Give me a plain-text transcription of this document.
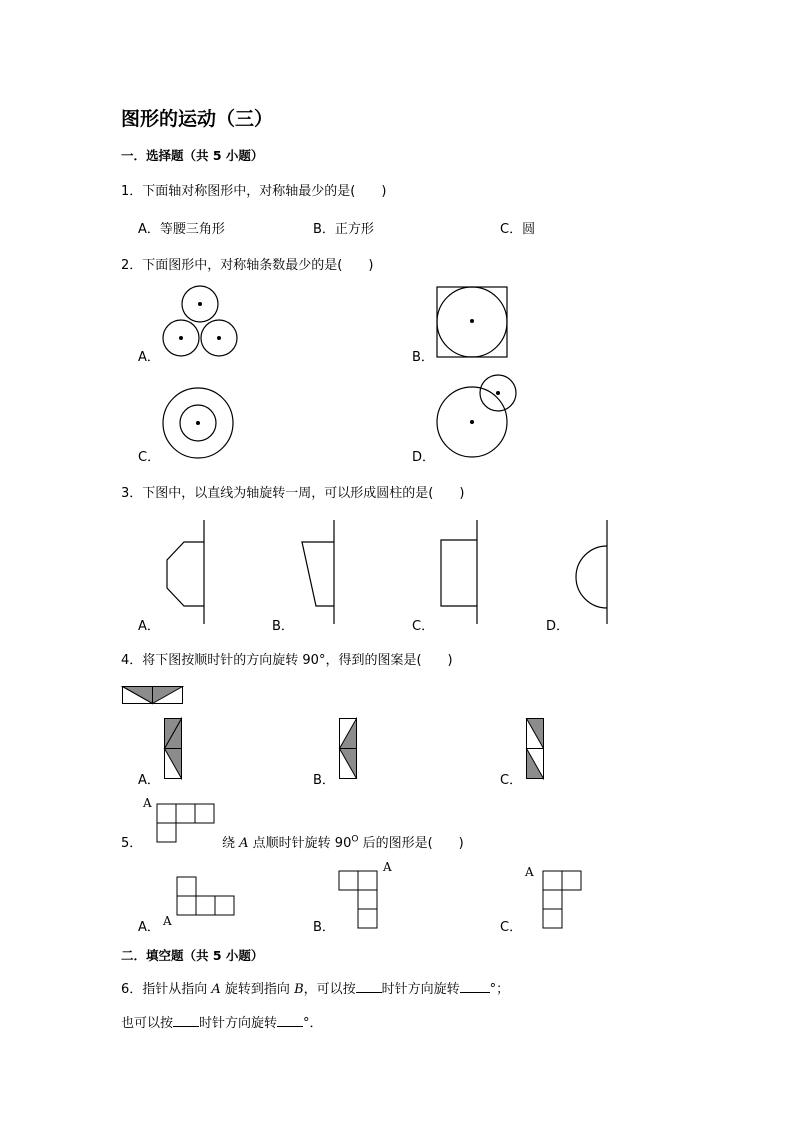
图形的运动（三）
一．选择题（共 5 小题）
1．下面轴对称图形中，对称轴最少的是(　　)
A．等腰三角形	B．正方形	C．圆
2．下面图形中，对称轴条数最少的是(　　)
A．	B．
C．	D．
3．下图中，以直线为轴旋转一周，可以形成圆柱的是(　　)
A．	B．	C．	D．
4．将下图按顺时针的方向旋转 90°，得到的图案是(　　)
A．	B．	C．
5．
A
绕 A 点顺时针旋转 $90^O$ 后的图形是(　　)
A． A	B．
A
C．
A
二．填空题（共 5 小题）
6．指针从指向 A 旋转到指向 B，可以按 时针方向旋转 °；
也可以按 时针方向旋转 °．
